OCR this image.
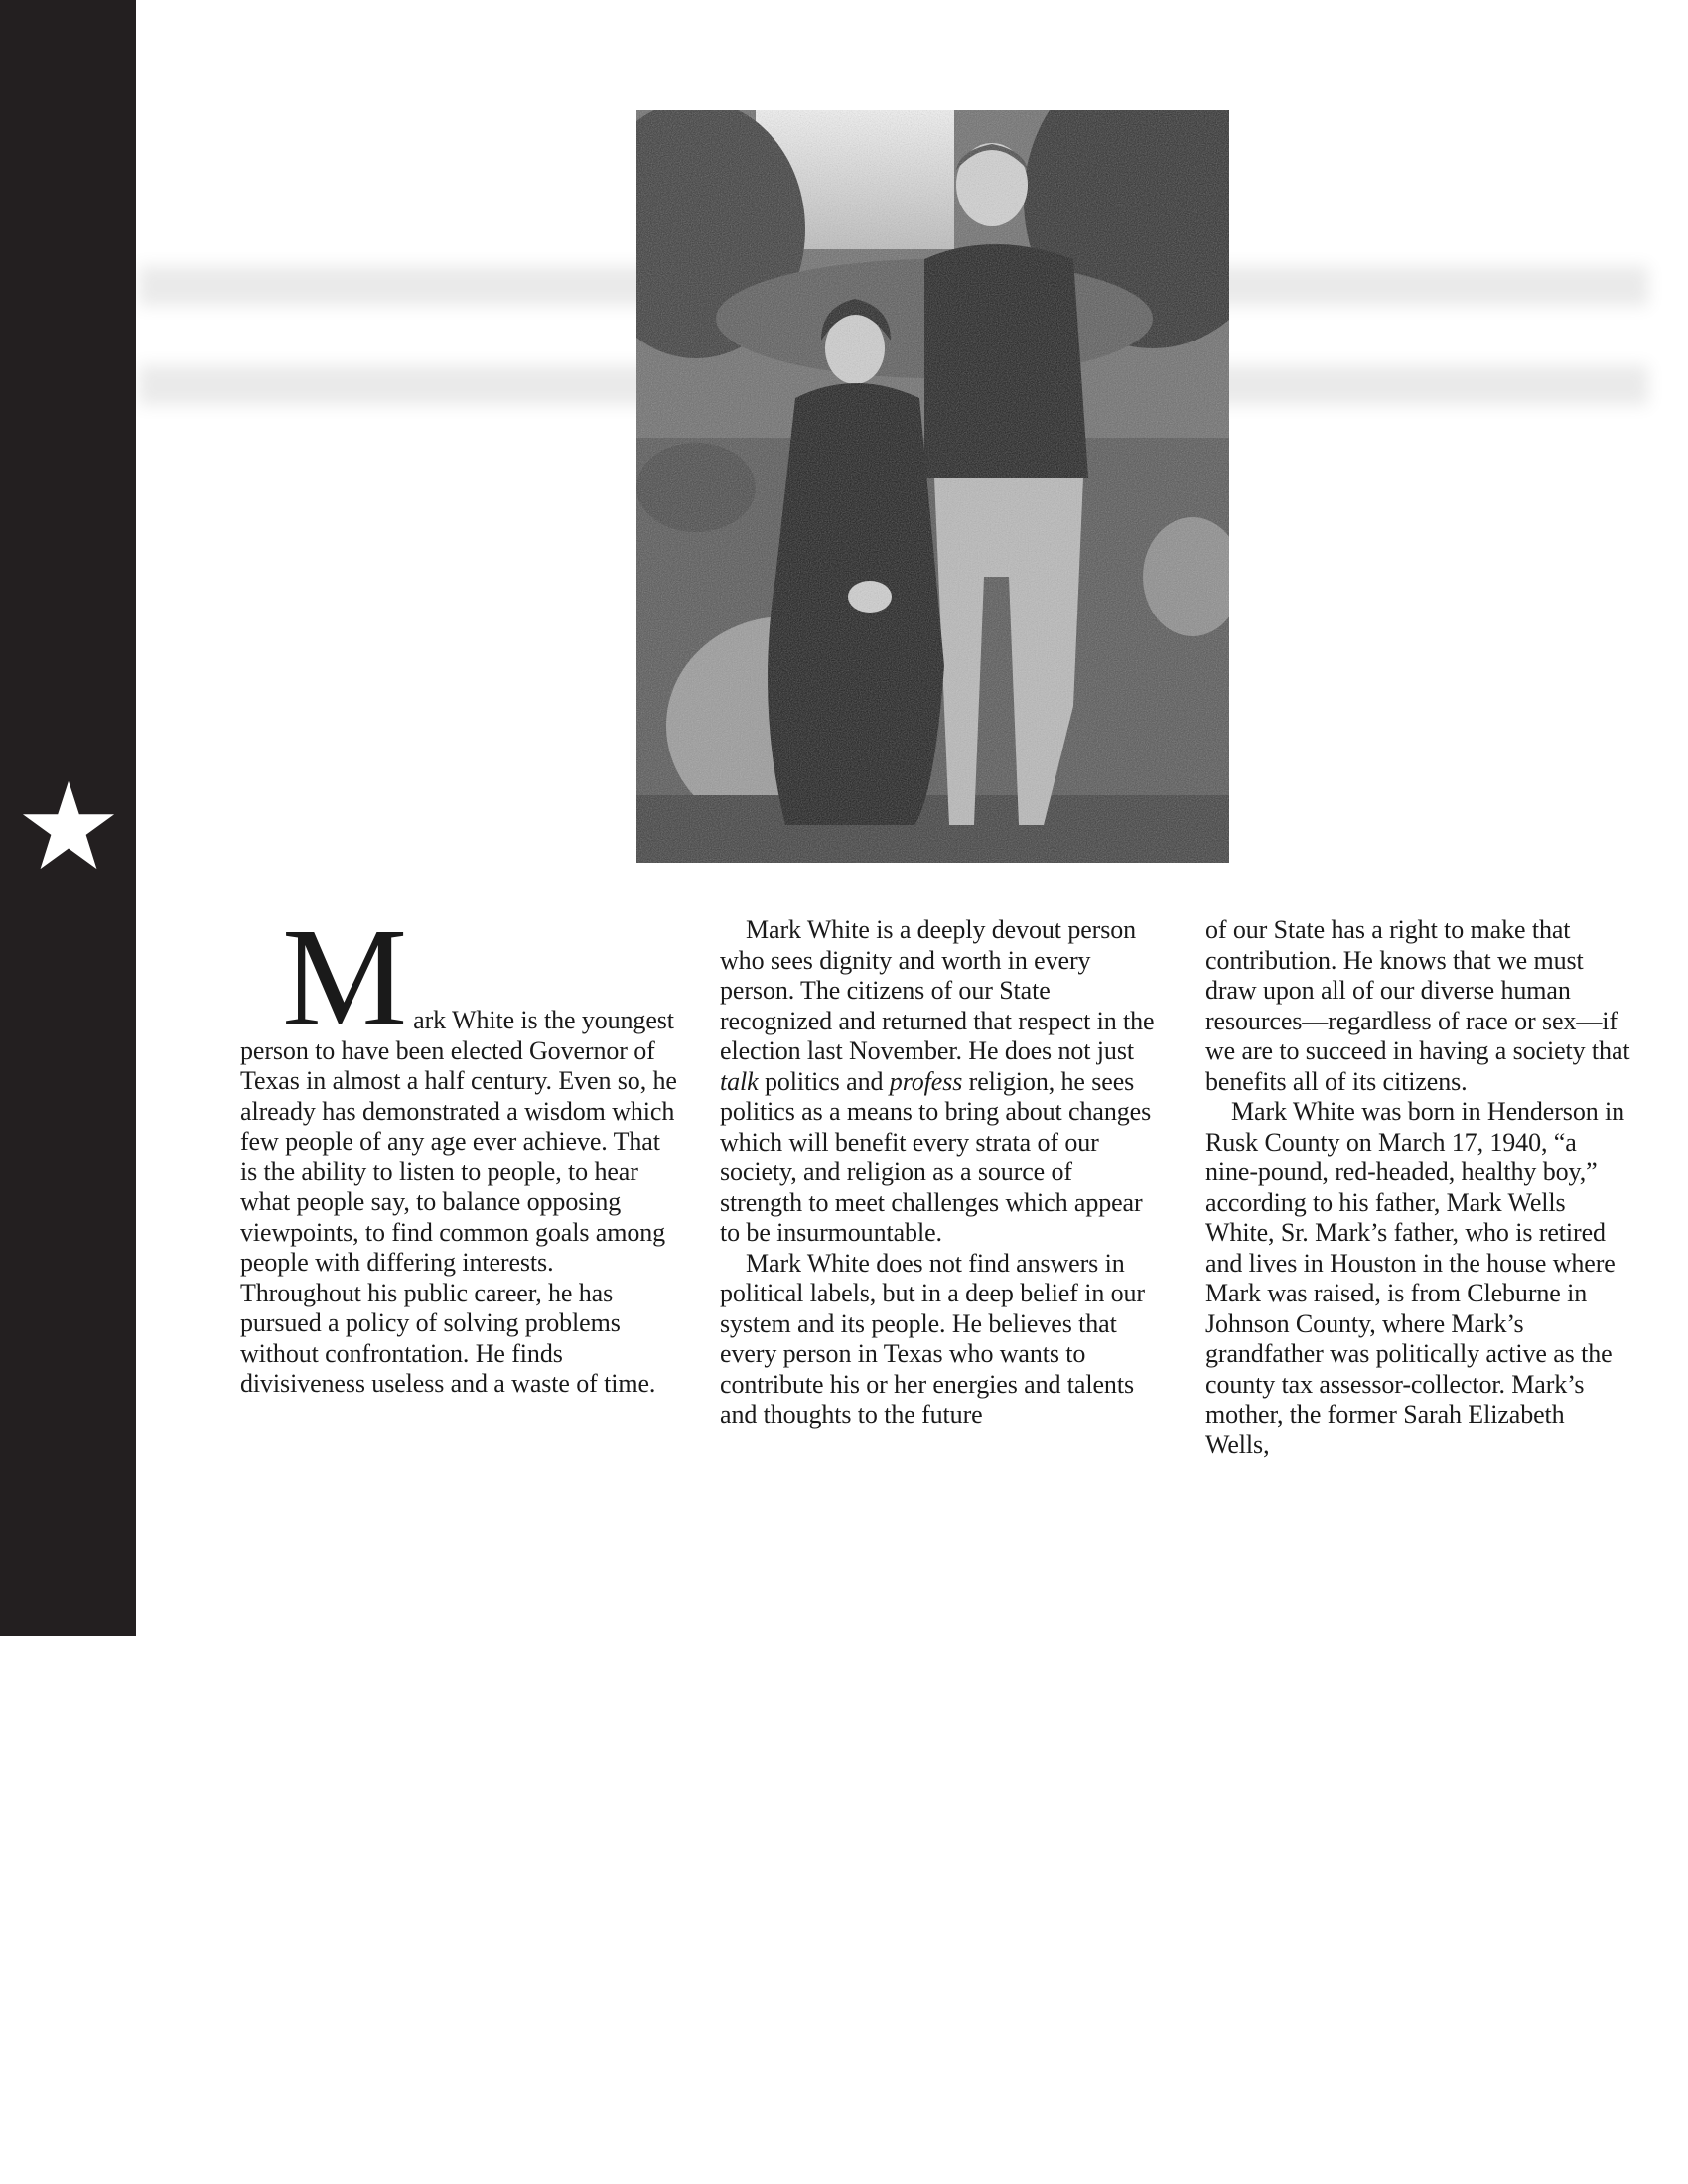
M ark White is the youngest person to have been elected Governor of Texas in almost a half century. Even so, he already has demonstrated a wisdom which few people of any age ever achieve. That is the ability to listen to people, to hear what people say, to balance opposing viewpoints, to find common goals among people with differing interests. Throughout his public career, he has pursued a policy of solving problems without confrontation. He finds divisiveness useless and a waste of time.

Mark White is a deeply devout person who sees dignity and worth in every person. The citizens of our State recognized and returned that respect in the election last November. He does not just talk politics and profess religion, he sees politics as a means to bring about changes which will benefit every strata of our society, and religion as a source of strength to meet challenges which appear to be insurmountable.

Mark White does not find answers in political labels, but in a deep belief in our system and its people. He believes that every person in Texas who wants to contribute his or her energies and talents and thoughts to the future

of our State has a right to make that contribution. He knows that we must draw upon all of our diverse human resources—regardless of race or sex—if we are to succeed in having a society that benefits all of its citizens.

Mark White was born in Henderson in Rusk County on March 17, 1940, “a nine-pound, red-headed, healthy boy,” according to his father, Mark Wells White, Sr. Mark’s father, who is retired and lives in Houston in the house where Mark was raised, is from Cleburne in Johnson County, where Mark’s grandfather was politically active as the county tax assessor-collector. Mark’s mother, the former Sarah Elizabeth Wells,
